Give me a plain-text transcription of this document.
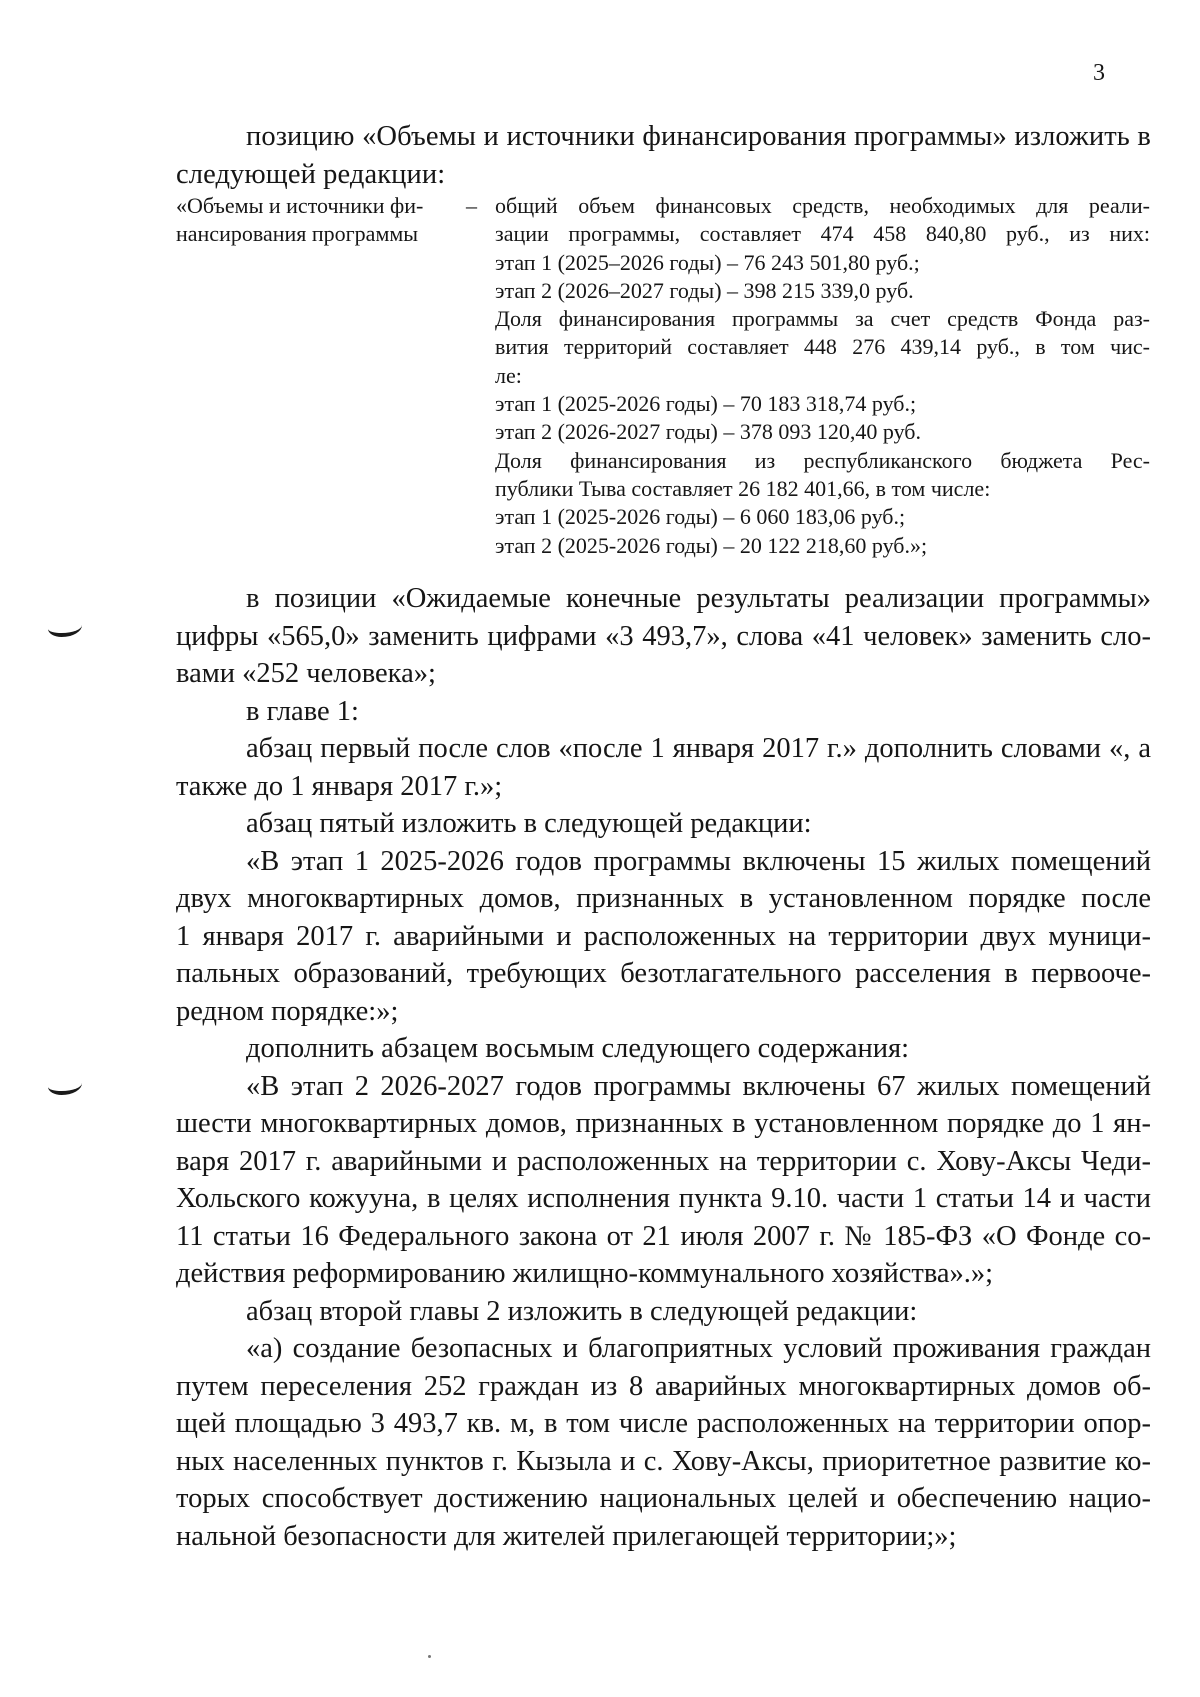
3
позицию «Объемы и источники финансирования программы» изложить в
следующей редакции:
«Объемы и источники фи-
нансирования программы
– общий объем финансовых средств, необходимых для реали-
зации программы, составляет 474 458 840,80 руб., из них:
этап 1 (2025–2026 годы) – 76 243 501,80 руб.;
этап 2 (2026–2027 годы) – 398 215 339,0 руб.
Доля финансирования программы за счет средств Фонда раз-
вития территорий составляет 448 276 439,14 руб., в том чис-
ле:
этап 1 (2025-2026 годы) – 70 183 318,74 руб.;
этап 2 (2026-2027 годы) – 378 093 120,40 руб.
Доля финансирования из республиканского бюджета Рес-
публики Тыва составляет 26 182 401,66, в том числе:
этап 1 (2025-2026 годы) – 6 060 183,06 руб.;
этап 2 (2025-2026 годы) – 20 122 218,60 руб.»;
в позиции «Ожидаемые конечные результаты реализации программы»
цифры «565,0» заменить цифрами «3 493,7», слова «41 человек» заменить сло-
вами «252 человека»;
в главе 1:
абзац первый после слов «после 1 января 2017 г.» дополнить словами «, а
также до 1 января 2017 г.»;
абзац пятый изложить в следующей редакции:
«В этап 1 2025-2026 годов программы включены 15 жилых помещений
двух многоквартирных домов, признанных в установленном порядке после
1 января 2017 г. аварийными и расположенных на территории двух муници-
пальных образований, требующих безотлагательного расселения в первооче-
редном порядке:»;
дополнить абзацем восьмым следующего содержания:
«В этап 2 2026-2027 годов программы включены 67 жилых помещений
шести многоквартирных домов, признанных в установленном порядке до 1 ян-
варя 2017 г. аварийными и расположенных на территории с. Хову-Аксы Чеди-
Хольского кожууна, в целях исполнения пункта 9.10. части 1 статьи 14 и части
11 статьи 16 Федерального закона от 21 июля 2007 г. № 185-ФЗ «О Фонде со-
действия реформированию жилищно-коммунального хозяйства».»;
абзац второй главы 2 изложить в следующей редакции:
«а) создание безопасных и благоприятных условий проживания граждан
путем переселения 252 граждан из 8 аварийных многоквартирных домов об-
щей площадью 3 493,7 кв. м, в том числе расположенных на территории опор-
ных населенных пунктов г. Кызыла и с. Хову-Аксы, приоритетное развитие ко-
торых способствует достижению национальных целей и обеспечению нацио-
нальной безопасности для жителей прилегающей территории;»;
